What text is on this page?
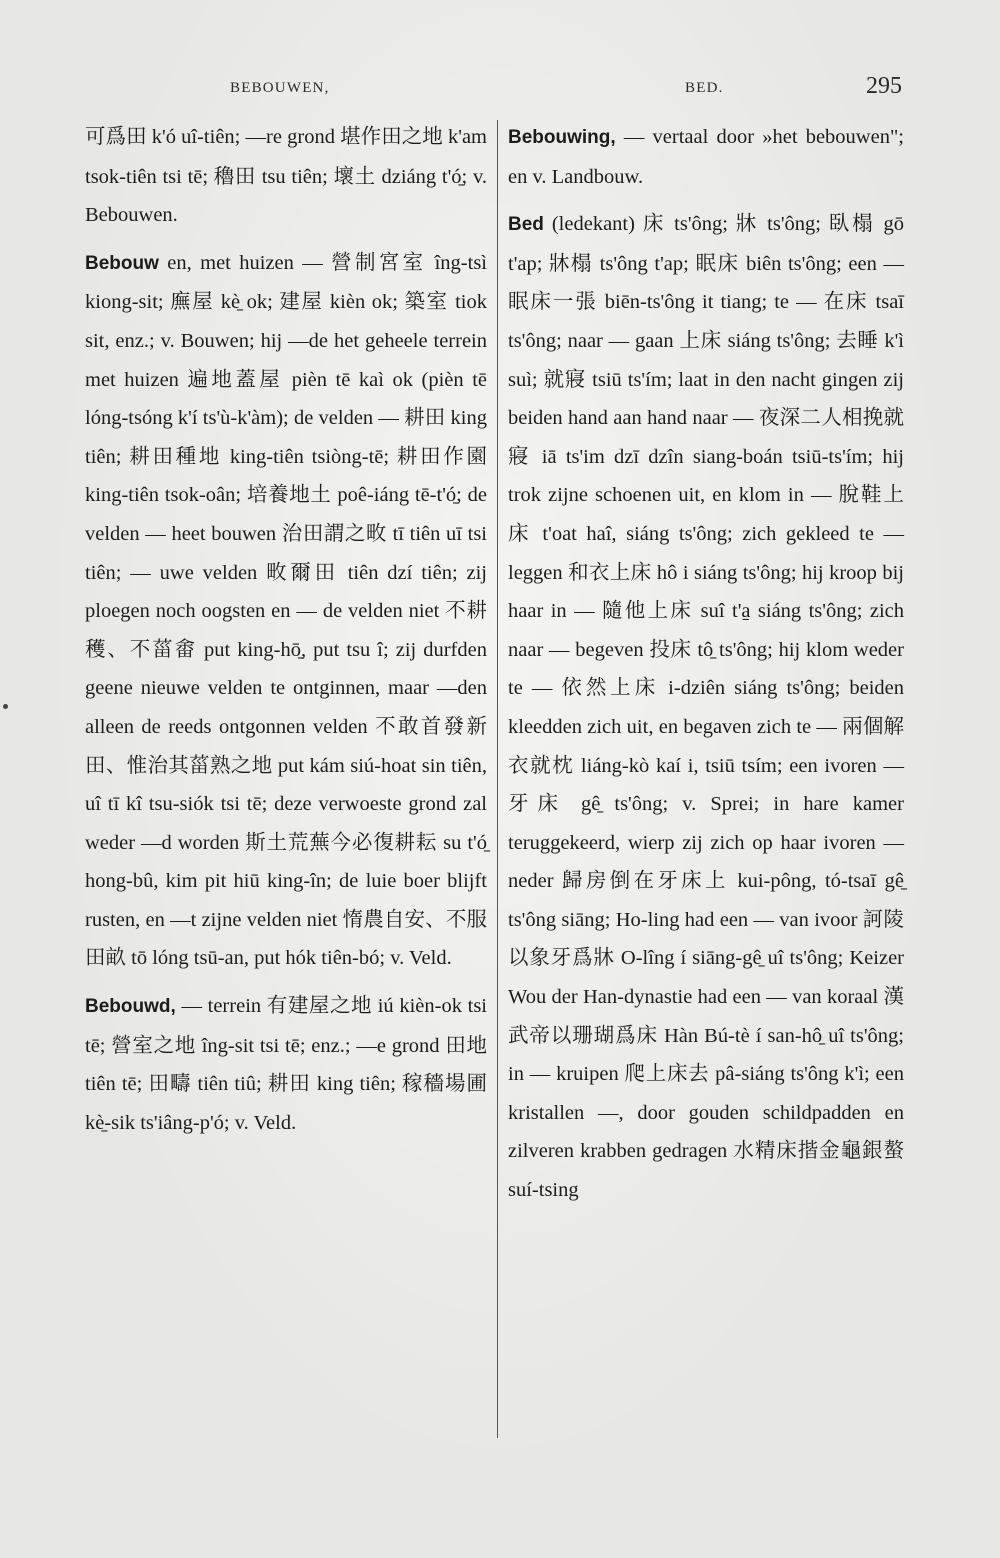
BEBOUWEN,	BED.	295

可爲田 k'ó uî-tiên; —re grond 堪作田之地 k'am tsok-tiên tsi tē; 穭田 tsu tiên; 壞土 dziáng t'ó̱; v. Bebouwen.

Bebouw en, met huizen — 營制宮室 îng-tsì kiong-sit; 廡屋 kè̱ ok; 建屋 kièn ok; 築室 tiok sit, enz.; v. Bouwen; hij —de het geheele terrein met huizen 遍地蓋屋 pièn tē kaì ok (pièn tē lóng-tsóng k'í ts'ù-k'àm); de velden — 耕田 king tiên; 耕田種地 king-tiên tsiòng-tē; 耕田作園 king-tiên tsok-oân; 培養地土 poê-iáng tē-t'ó̱; de velden — heet bouwen 治田謂之畋 tī tiên uī tsi tiên; — uwe velden 畋爾田 tiên dzí tiên; zij ploegen noch oogsten en — de velden niet 不耕穫、不菑畬 put king-hō̱, put tsu î; zij durfden geene nieuwe velden te ontginnen, maar —den alleen de reeds ontgonnen velden 不敢首發新田、惟治其菑熟之地 put kám siú-hoat sin tiên, uî tī kî tsu-siók tsi tē; deze verwoeste grond zal weder —d worden 斯土荒蕪今必復耕耘 su t'ó̱ hong-bû, kim pit hiū king-în; de luie boer blijft rusten, en —t zijne velden niet 惰農自安、不服田畝 tō lóng tsū-an, put hók tiên-bó; v. Veld.

Bebouwd, — terrein 有建屋之地 iú kièn-ok tsi tē; 營室之地 îng-sit tsi tē; enz.; —e grond 田地 tiên tē; 田疇 tiên tiû; 耕田 king tiên; 稼穡場圃 kè̱-sik ts'iâng-p'ó; v. Veld.

Bebouwing, — vertaal door »het bebouwen"; en v. Landbouw.

Bed (ledekant) 床 ts'ông; 牀 ts'ông; 臥榻 gō t'ap; 牀榻 ts'ông t'ap; 眠床 biên ts'ông; een — 眠床一張 biēn-ts'ông it tiang; te — 在床 tsaī ts'ông; naar — gaan 上床 siáng ts'ông; 去睡 k'ì suì; 就寢 tsiū ts'ím; laat in den nacht gingen zij beiden hand aan hand naar — 夜深二人相挽就寢 iā ts'im dzī dzîn siang-boán tsiū-ts'ím; hij trok zijne schoenen uit, en klom in — 脫鞋上床 t'oat haî, siáng ts'ông; zich gekleed te — leggen 和衣上床 hô i siáng ts'ông; hij kroop bij haar in — 隨他上床 suî t'a̱ siáng ts'ông; zich naar — begeven 投床 tô̱ ts'ông; hij klom weder te — 依然上床 i-dziên siáng ts'ông; beiden kleedden zich uit, en begaven zich te — 兩個解衣就枕 liáng-kò kaí i, tsiū tsím; een ivoren — 牙床 gê̱ ts'ông; v. Sprei; in hare kamer teruggekeerd, wierp zij zich op haar ivoren — neder 歸房倒在牙床上 kui-pông, tó-tsaī gê̱ ts'ông siāng; Ho-ling had een — van ivoor 訶陵以象牙爲牀 O-lîng í siāng-gê̱ uî ts'ông; Keizer Wou der Han-dynastie had een — van koraal 漢武帝以珊瑚爲床 Hàn Bú-tè í san-hô̱ uî ts'ông; in — kruipen 爬上床去 pâ-siáng ts'ông k'ì; een kristallen —, door gouden schildpadden en zilveren krabben gedragen 水精床揩金龜銀螯 suí-tsing
